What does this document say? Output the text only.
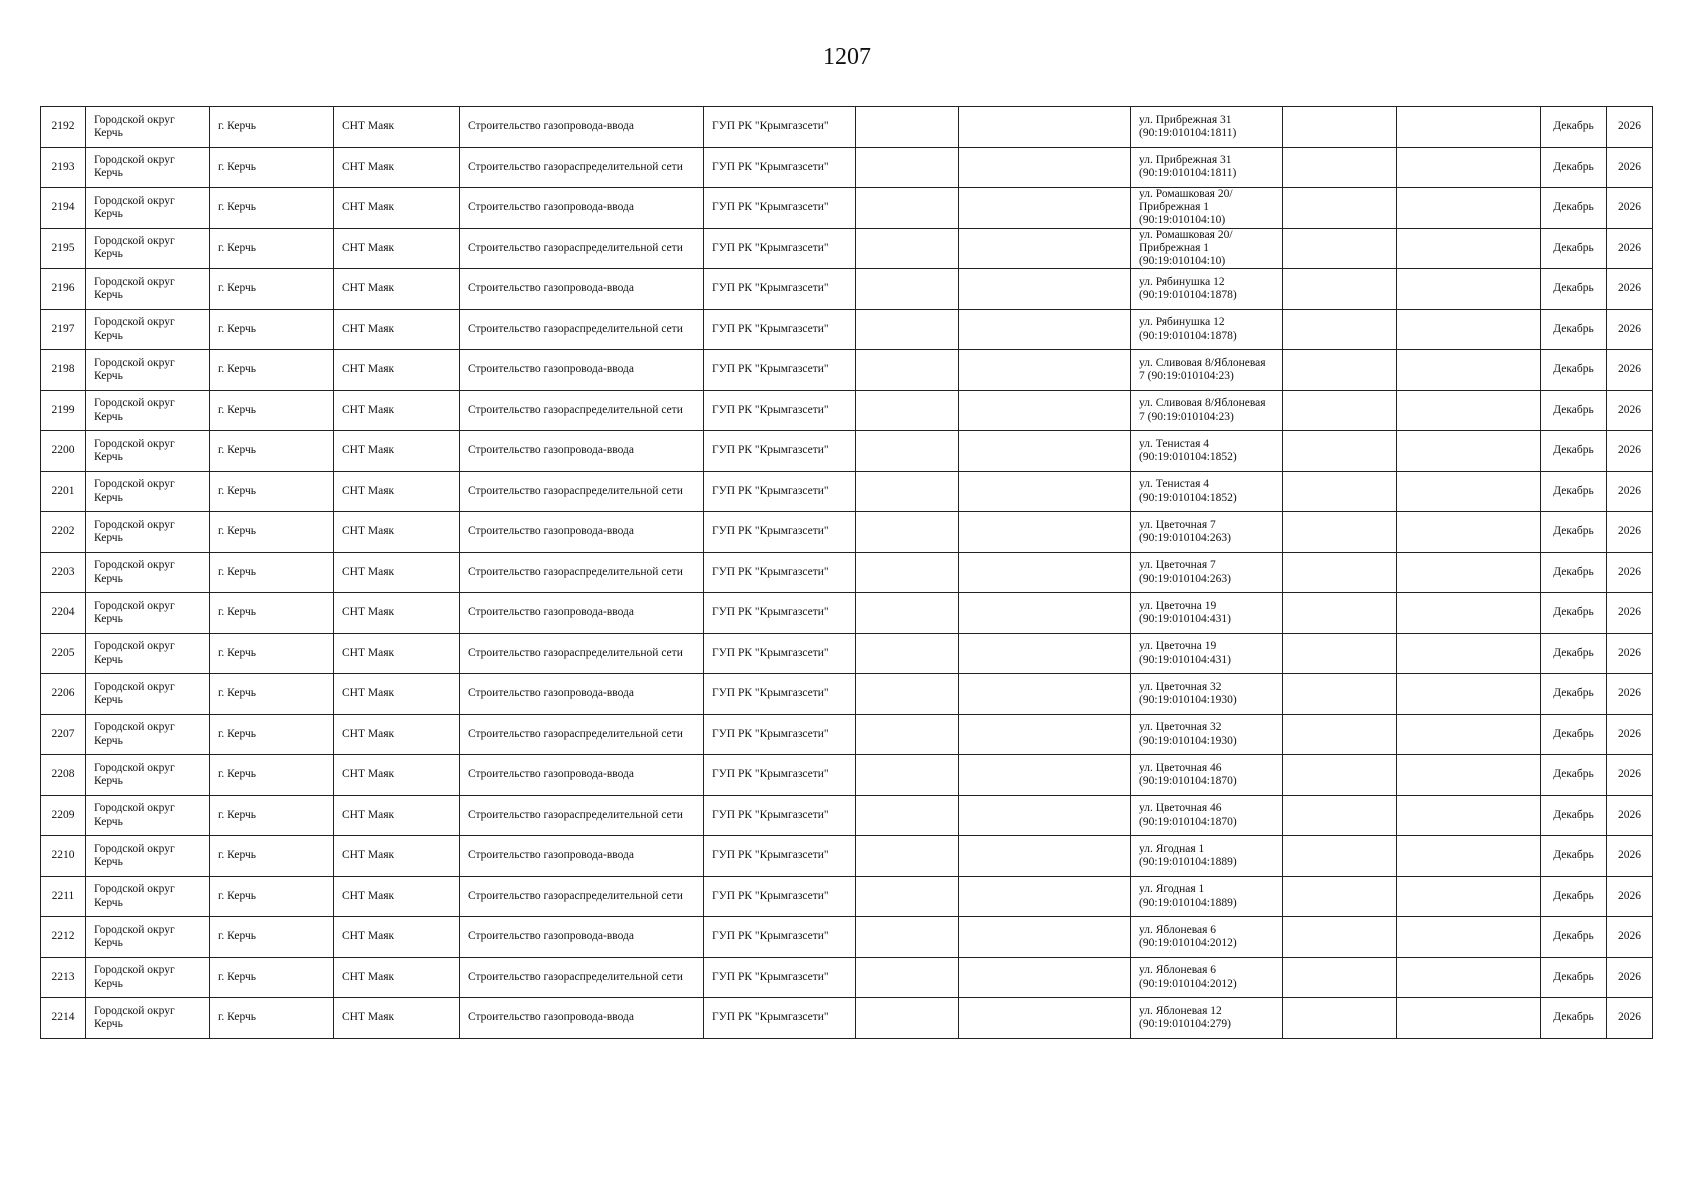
1207
2192	Городской округ Керчь	г. Керчь	СНТ Маяк	Строительство газопровода-ввода	ГУП РК "Крымгазсети"			ул. Прибрежная 31 (90:19:010104:1811)			Декабрь	2026
2193	Городской округ Керчь	г. Керчь	СНТ Маяк	Строительство газораспределительной сети	ГУП РК "Крымгазсети"			ул. Прибрежная 31 (90:19:010104:1811)			Декабрь	2026
2194	Городской округ Керчь	г. Керчь	СНТ Маяк	Строительство газопровода-ввода	ГУП РК "Крымгазсети"			ул. Ромашковая 20/Прибрежная 1 (90:19:010104:10)			Декабрь	2026
2195	Городской округ Керчь	г. Керчь	СНТ Маяк	Строительство газораспределительной сети	ГУП РК "Крымгазсети"			ул. Ромашковая 20/Прибрежная 1 (90:19:010104:10)			Декабрь	2026
2196	Городской округ Керчь	г. Керчь	СНТ Маяк	Строительство газопровода-ввода	ГУП РК "Крымгазсети"			ул. Рябинушка 12 (90:19:010104:1878)			Декабрь	2026
2197	Городской округ Керчь	г. Керчь	СНТ Маяк	Строительство газораспределительной сети	ГУП РК "Крымгазсети"			ул. Рябинушка 12 (90:19:010104:1878)			Декабрь	2026
2198	Городской округ Керчь	г. Керчь	СНТ Маяк	Строительство газопровода-ввода	ГУП РК "Крымгазсети"			ул. Сливовая 8/Яблоневая 7 (90:19:010104:23)			Декабрь	2026
2199	Городской округ Керчь	г. Керчь	СНТ Маяк	Строительство газораспределительной сети	ГУП РК "Крымгазсети"			ул. Сливовая 8/Яблоневая 7 (90:19:010104:23)			Декабрь	2026
2200	Городской округ Керчь	г. Керчь	СНТ Маяк	Строительство газопровода-ввода	ГУП РК "Крымгазсети"			ул. Тенистая 4 (90:19:010104:1852)			Декабрь	2026
2201	Городской округ Керчь	г. Керчь	СНТ Маяк	Строительство газораспределительной сети	ГУП РК "Крымгазсети"			ул. Тенистая 4 (90:19:010104:1852)			Декабрь	2026
2202	Городской округ Керчь	г. Керчь	СНТ Маяк	Строительство газопровода-ввода	ГУП РК "Крымгазсети"			ул. Цветочная 7 (90:19:010104:263)			Декабрь	2026
2203	Городской округ Керчь	г. Керчь	СНТ Маяк	Строительство газораспределительной сети	ГУП РК "Крымгазсети"			ул. Цветочная 7 (90:19:010104:263)			Декабрь	2026
2204	Городской округ Керчь	г. Керчь	СНТ Маяк	Строительство газопровода-ввода	ГУП РК "Крымгазсети"			ул. Цветочна 19 (90:19:010104:431)			Декабрь	2026
2205	Городской округ Керчь	г. Керчь	СНТ Маяк	Строительство газораспределительной сети	ГУП РК "Крымгазсети"			ул. Цветочна 19 (90:19:010104:431)			Декабрь	2026
2206	Городской округ Керчь	г. Керчь	СНТ Маяк	Строительство газопровода-ввода	ГУП РК "Крымгазсети"			ул. Цветочная 32 (90:19:010104:1930)			Декабрь	2026
2207	Городской округ Керчь	г. Керчь	СНТ Маяк	Строительство газораспределительной сети	ГУП РК "Крымгазсети"			ул. Цветочная 32 (90:19:010104:1930)			Декабрь	2026
2208	Городской округ Керчь	г. Керчь	СНТ Маяк	Строительство газопровода-ввода	ГУП РК "Крымгазсети"			ул. Цветочная 46 (90:19:010104:1870)			Декабрь	2026
2209	Городской округ Керчь	г. Керчь	СНТ Маяк	Строительство газораспределительной сети	ГУП РК "Крымгазсети"			ул. Цветочная 46 (90:19:010104:1870)			Декабрь	2026
2210	Городской округ Керчь	г. Керчь	СНТ Маяк	Строительство газопровода-ввода	ГУП РК "Крымгазсети"			ул. Ягодная 1 (90:19:010104:1889)			Декабрь	2026
2211	Городской округ Керчь	г. Керчь	СНТ Маяк	Строительство газораспределительной сети	ГУП РК "Крымгазсети"			ул. Ягодная 1 (90:19:010104:1889)			Декабрь	2026
2212	Городской округ Керчь	г. Керчь	СНТ Маяк	Строительство газопровода-ввода	ГУП РК "Крымгазсети"			ул. Яблоневая 6 (90:19:010104:2012)			Декабрь	2026
2213	Городской округ Керчь	г. Керчь	СНТ Маяк	Строительство газораспределительной сети	ГУП РК "Крымгазсети"			ул. Яблоневая 6 (90:19:010104:2012)			Декабрь	2026
2214	Городской округ Керчь	г. Керчь	СНТ Маяк	Строительство газопровода-ввода	ГУП РК "Крымгазсети"			ул. Яблоневая 12 (90:19:010104:279)			Декабрь	2026
